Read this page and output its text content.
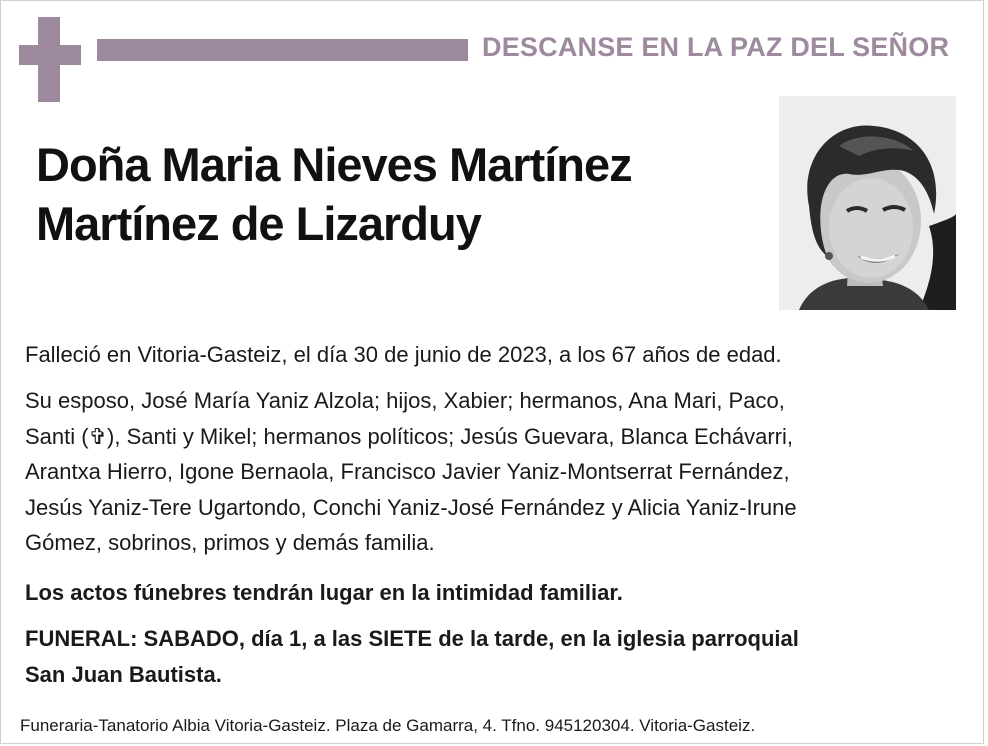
DESCANSE EN LA PAZ DEL SEÑOR
Doña Maria Nieves Martínez
Martínez de Lizarduy

Falleció en Vitoria-Gasteiz, el día 30 de junio de 2023, a los 67 años de edad.

Su esposo, José María Yaniz Alzola; hijos, Xabier; hermanos, Ana Mari, Paco,
Santi (✞), Santi y Mikel; hermanos políticos; Jesús Guevara, Blanca Echávarri,
Arantxa Hierro, Igone Bernaola, Francisco Javier Yaniz-Montserrat Fernández,
Jesús Yaniz-Tere Ugartondo, Conchi Yaniz-José Fernández y Alicia Yaniz-Irune
Gómez, sobrinos, primos y demás familia.

Los actos fúnebres tendrán lugar en la intimidad familiar.

FUNERAL: SABADO, día 1, a las SIETE de la tarde, en la iglesia parroquial
San Juan Bautista.

Funeraria-Tanatorio Albia Vitoria-Gasteiz. Plaza de Gamarra, 4. Tfno. 945120304. Vitoria-Gasteiz.
